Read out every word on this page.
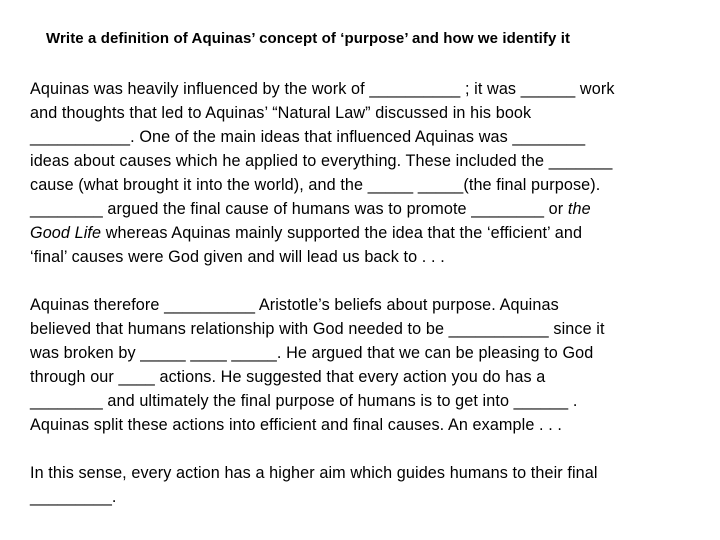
Write a definition of Aquinas’ concept of ‘purpose’ and how we identify it
Aquinas was heavily influenced by the work of __________ ; it was ______ work
and thoughts that led to Aquinas’ “Natural Law” discussed in his book
___________. One of the main ideas that influenced Aquinas was ________
ideas about causes which he applied to everything. These included the _______
cause (what brought it into the world), and the _____ _____(the final purpose).
________ argued the final cause of humans was to promote ________ or the
Good Life whereas Aquinas mainly supported the idea that the ‘efficient’ and
‘final’ causes were God given and will lead us back to . . .
Aquinas therefore __________ Aristotle’s beliefs about purpose. Aquinas
believed that humans relationship with God needed to be ___________ since it
was broken by _____ ____ _____. He argued that we can be pleasing to God
through our ____ actions. He suggested that every action you do has a
________ and ultimately the final purpose of humans is to get into ______ .
Aquinas split these actions into efficient and final causes. An example . . .
In this sense, every action has a higher aim which guides humans to their final
_________.
